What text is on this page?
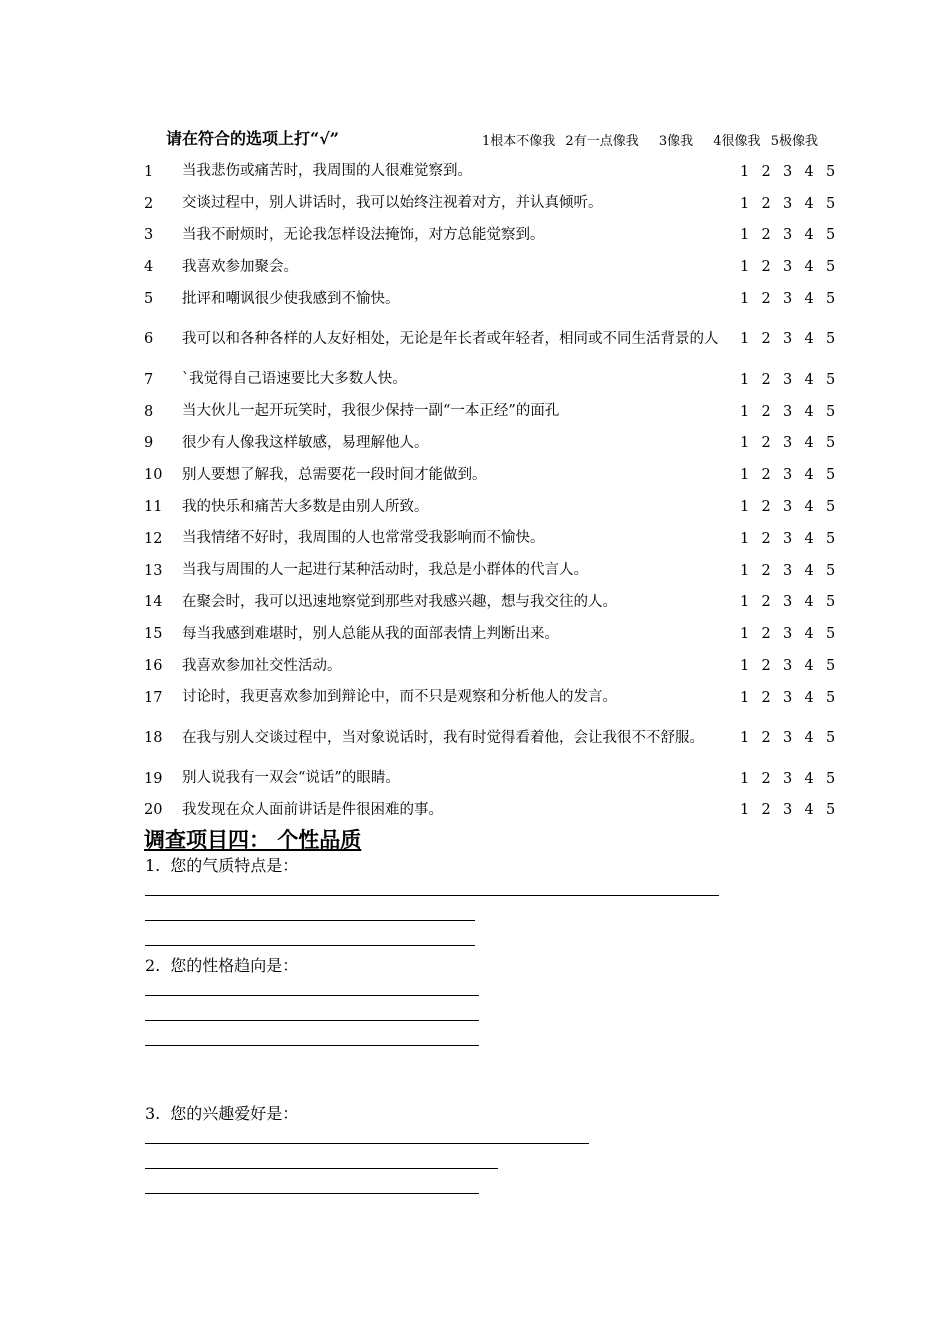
请在符合的选项上打“√”	1根本不像我 2有一点像我 3像我 4很像我 5极像我
1	当我悲伤或痛苦时，我周围的人很难觉察到。	1 2 3 4 5
2	交谈过程中，别人讲话时，我可以始终注视着对方，并认真倾听。	1 2 3 4 5
3	当我不耐烦时，无论我怎样设法掩饰，对方总能觉察到。	1 2 3 4 5
4	我喜欢参加聚会。	1 2 3 4 5
5	批评和嘲讽很少使我感到不愉快。	1 2 3 4 5
6	我可以和各种各样的人友好相处，无论是年长者或年轻者，相同或不同生活背景的人	1 2 3 4 5
7	`我觉得自己语速要比大多数人快。	1 2 3 4 5
8	当大伙儿一起开玩笑时，我很少保持一副“一本正经”的面孔	1 2 3 4 5
9	很少有人像我这样敏感，易理解他人。	1 2 3 4 5
10	别人要想了解我，总需要花一段时间才能做到。	1 2 3 4 5
11	我的快乐和痛苦大多数是由别人所致。	1 2 3 4 5
12	当我情绪不好时，我周围的人也常常受我影响而不愉快。	1 2 3 4 5
13	当我与周围的人一起进行某种活动时，我总是小群体的代言人。	1 2 3 4 5
14	在聚会时，我可以迅速地察觉到那些对我感兴趣，想与我交往的人。	1 2 3 4 5
15	每当我感到难堪时，别人总能从我的面部表情上判断出来。	1 2 3 4 5
16	我喜欢参加社交性活动。	1 2 3 4 5
17	讨论时，我更喜欢参加到辩论中，而不只是观察和分析他人的发言。	1 2 3 4 5
18	在我与别人交谈过程中，当对象说话时，我有时觉得看着他，会让我很不不舒服。	1 2 3 4 5
19	别人说我有一双会“说话”的眼睛。	1 2 3 4 5
20	我发现在众人面前讲话是件很困难的事。	1 2 3 4 5
调查项目四： 个性品质
1. 您的气质特点是：
2. 您的性格趋向是：
3. 您的兴趣爱好是：
